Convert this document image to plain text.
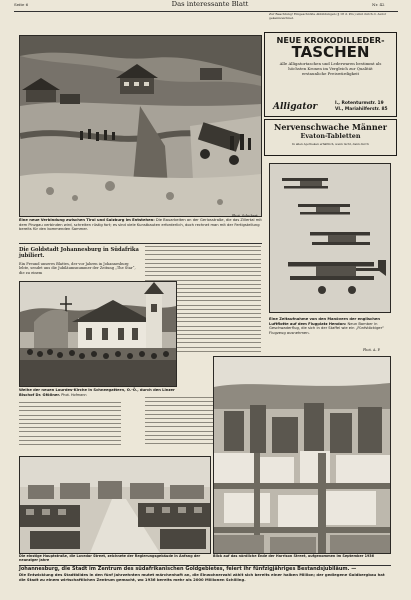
Seite 6	Das interessante Blatt	Nr. 42
Phot. Schubert
Eine neue Verbindung zwischen Tirol und Salzburg im Entstehen: Die Bauarbeiten an der Gerlosstraße, die das Zillertal mit dem Pinzgau verbinden wird, schreiten rüstig fort; es sind viele Kunstbauten erforderlich, doch rechnet man mit der Fertigstellung bereits für den kommenden Sommer.
Die Goldstadt Johannesburg in Südafrika jubiliert.
Ein Freund unseres Blattes, der vor Jahren in Johannesburg lebte, sendet uns die Jubiläumsnummer der Zeitung „The Star“, die zu einem
Weihe der neuen Lourdes-Kirche in Schneegattern, O.-Ö., durch den Linzer Bischof Dr. Gföllner. Phot. Hofmann
Zur Beachtung! Eingeschickte Abbildungen (§ 18 d. P.G.) sind durch d. Autor gekennzeichnet.
NEUE KROKODILLEDER-
TASCHEN
Alle Alligatortaschen und Lederwaren bestimmt als höchsten Kronen im Vergleich zur Qualität erstaunliche Preiswürdigkeit
Alligator	I., Rotenturmstr. 19
VI., Mariahilferstr. 85
Nervenschwache Männer
Evaton-Tabletten
In allen Apotheken erhältlich, wenn nicht, dann durch
Phot. A. P.
Eine Zeitaufnahme von den Manövern der englischen Luftflotte auf dem Flugplatz Hendon: Neun Bomber in Geschwaderflug, die sich in der Staffel wie ein „Fünfstöckiger“ Flugzeug ausnehmen.
Die einstige Hauptstraße, die Lovedar Street, zeichnete der Regierungsgebäude in Anfang der neunziger Jahre
Blick auf das nördliche Ende der Harrison Street, aufgenommen im September 1936
Johannesburg, die Stadt im Zentrum des südafrikanischen Goldgebietes, feiert ihr fünfzigjähriges Bestandsjubiläum. —
Die Entwicklung des Stadtbildes in den fünf Jahrzehnten mutet märchenhaft an, die Einwohnerzahl zählt sich bereits einer halben Million; der gediegene Goldbergbau hat die Stadt zu einem wirtschaftlichen Zentrum gemacht, wo 1936 bereits mehr als 2000 Millionen Schilling.
